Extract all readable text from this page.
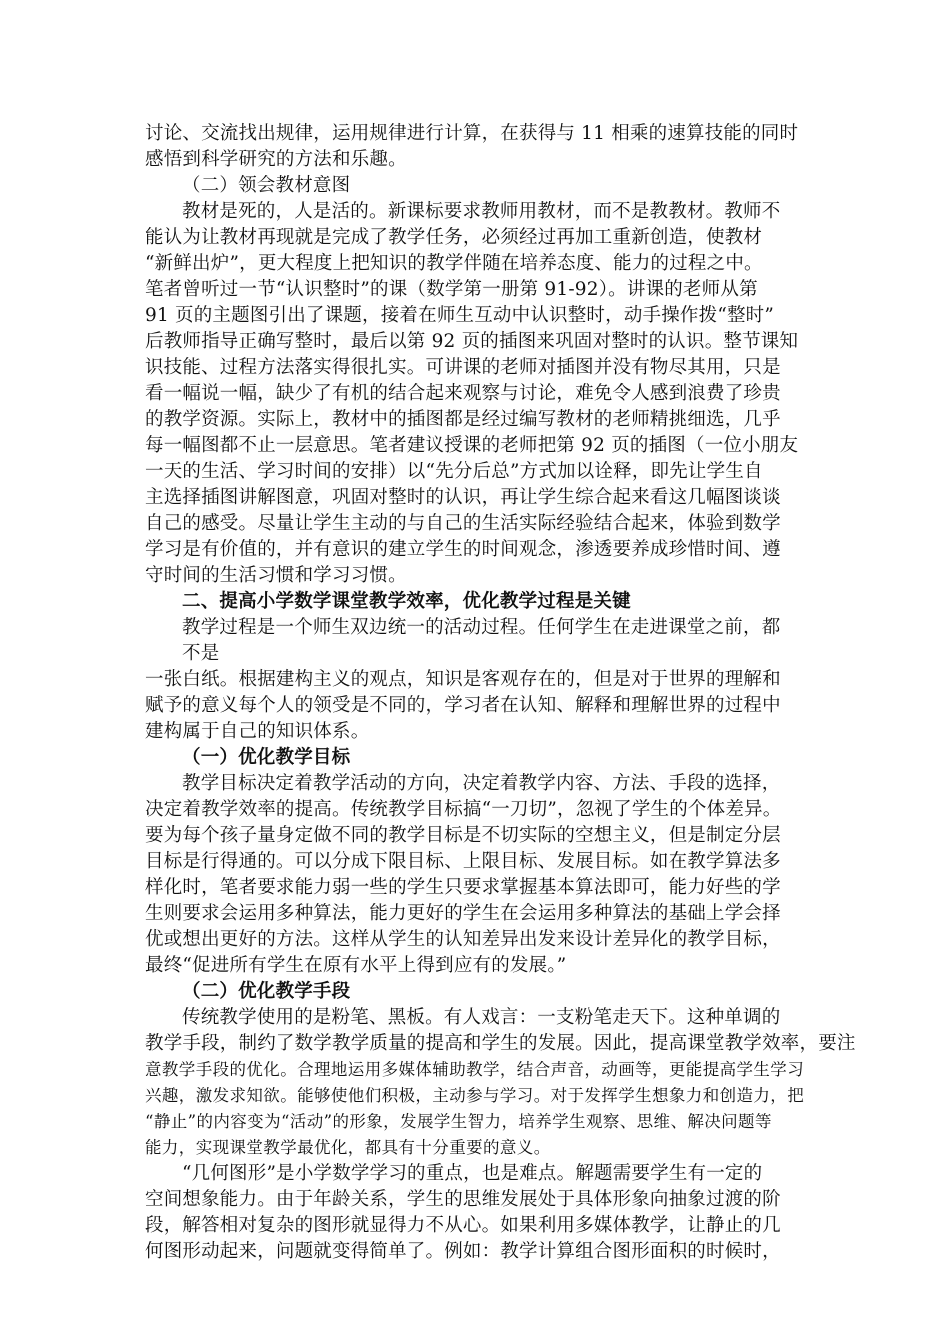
讨论、交流找出规律，运用规律进行计算，在获得与 11 相乘的速算技能的同时
感悟到科学研究的方法和乐趣。
（二）领会教材意图
教材是死的，人是活的。新课标要求教师用教材，而不是教教材。教师不
能认为让教材再现就是完成了教学任务，必须经过再加工重新创造，使教材
“新鲜出炉”，更大程度上把知识的教学伴随在培养态度、能力的过程之中。
笔者曾听过一节“认识整时”的课（数学第一册第 91-92）。讲课的老师从第
91 页的主题图引出了课题，接着在师生互动中认识整时，动手操作拨“整时”
后教师指导正确写整时，最后以第 92 页的插图来巩固对整时的认识。整节课知
识技能、过程方法落实得很扎实。可讲课的老师对插图并没有物尽其用，只是
看一幅说一幅，缺少了有机的结合起来观察与讨论，难免令人感到浪费了珍贵
的教学资源。实际上，教材中的插图都是经过编写教材的老师精挑细选，几乎
每一幅图都不止一层意思。笔者建议授课的老师把第 92 页的插图（一位小朋友
一天的生活、学习时间的安排）以“先分后总”方式加以诠释，即先让学生自
主选择插图讲解图意，巩固对整时的认识，再让学生综合起来看这几幅图谈谈
自己的感受。尽量让学生主动的与自己的生活实际经验结合起来，体验到数学
学习是有价值的，并有意识的建立学生的时间观念，渗透要养成珍惜时间、遵
守时间的生活习惯和学习习惯。
二、提高小学数学课堂教学效率，优化教学过程是关键
教学过程是一个师生双边统一的活动过程。任何学生在走进课堂之前，都
不是
一张白纸。根据建构主义的观点，知识是客观存在的，但是对于世界的理解和
赋予的意义每个人的领受是不同的，学习者在认知、解释和理解世界的过程中
建构属于自己的知识体系。
（一）优化教学目标
教学目标决定着教学活动的方向，决定着教学内容、方法、手段的选择，
决定着教学效率的提高。传统教学目标搞“一刀切”，忽视了学生的个体差异。
要为每个孩子量身定做不同的教学目标是不切实际的空想主义，但是制定分层
目标是行得通的。可以分成下限目标、上限目标、发展目标。如在教学算法多
样化时，笔者要求能力弱一些的学生只要求掌握基本算法即可，能力好些的学
生则要求会运用多种算法，能力更好的学生在会运用多种算法的基础上学会择
优或想出更好的方法。这样从学生的认知差异出发来设计差异化的教学目标，
最终“促进所有学生在原有水平上得到应有的发展。”
（二）优化教学手段
传统教学使用的是粉笔、黑板。有人戏言：一支粉笔走天下。这种单调的
教学手段，制约了数学教学质量的提高和学生的发展。因此，提高课堂教学效率，要注
意教学手段的优化。合理地运用多媒体辅助教学，结合声音，动画等，更能提高学生学习
兴趣，激发求知欲。能够使他们积极，主动参与学习。对于发挥学生想象力和创造力，把
“静止”的内容变为“活动”的形象，发展学生智力，培养学生观察、思维、解决问题等
能力，实现课堂教学最优化，都具有十分重要的意义。
“几何图形”是小学数学学习的重点，也是难点。解题需要学生有一定的
空间想象能力。由于年龄关系，学生的思维发展处于具体形象向抽象过渡的阶
段，解答相对复杂的图形就显得力不从心。如果利用多媒体教学，让静止的几
何图形动起来，问题就变得简单了。例如：教学计算组合图形面积的时候时，
